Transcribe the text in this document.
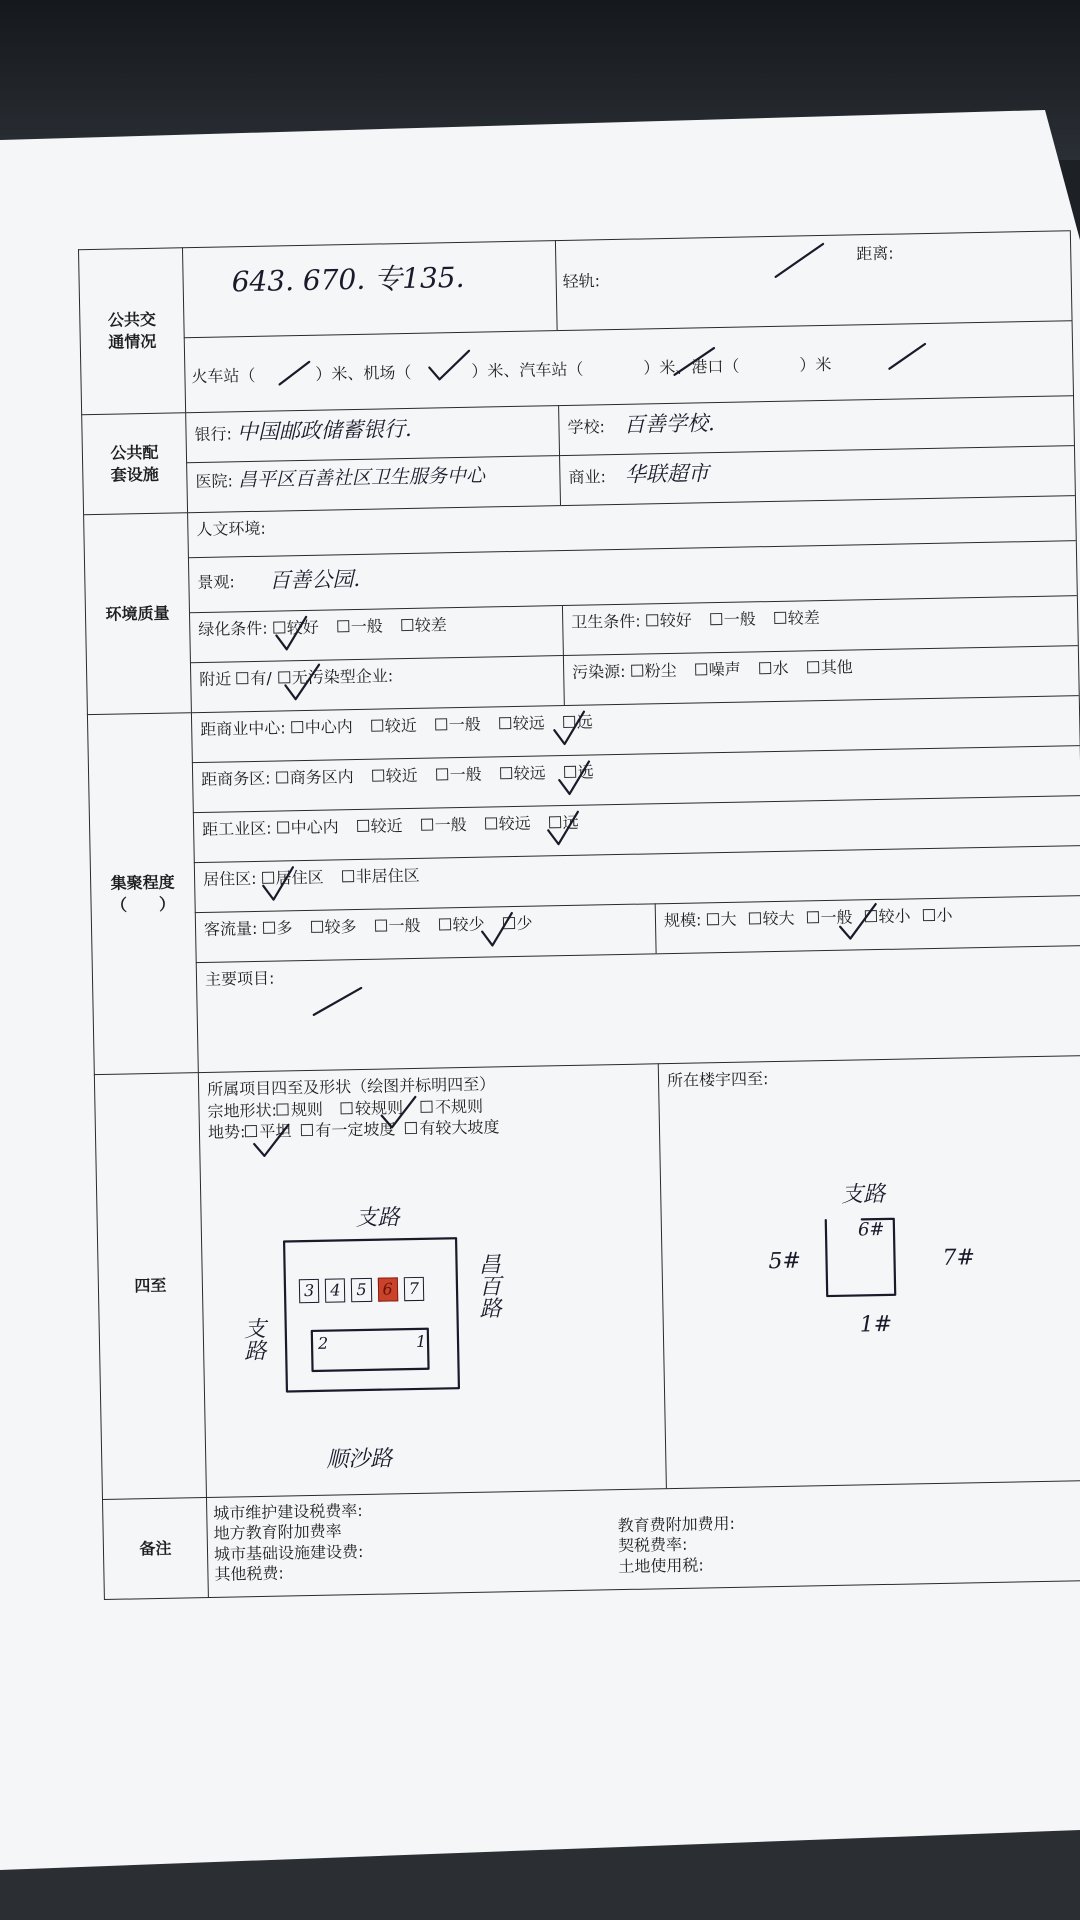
公共交通情况
643. 670. 专135.	轻轨:
距离:
火车站（	）米、机场（	）米、汽车站（	）米、港口（	）米
公共配套设施
银行: 中国邮政储蓄银行.	学校: 百善学校.
医院: 昌平区百善社区卫生服务中心	商业: 华联超市
环境质量
人文环境:
景观: 百善公园.
绿化条件: 较好 一般 较差	卫生条件: 较好 一般 较差
附近 有/ 无污染型企业:	污染源: 粉尘 噪声 水 其他
集聚程度
（　　）
距商业中心: 中心内 较近 一般 较远 远
距商务区: 商务区内 较近 一般 较远 远
距工业区: 中心内 较近 一般 较远 远
居住区: 居住区 非居住区
客流量: 多 较多 一般 较少 少	规模: 大 较大 一般 较小 小
主要项目:
四至
所属项目四至及形状（绘图并标明四至）
宗地形状: 规则 较规则 不规则
地势: 平坦 有一定坡度 有较大坡度
支路
支路
昌百路
顺沙路
3 4 5 6 7
2	1
所在楼宇四至:
支路
6#
5#	7#
1#
备注
城市维护建设税费率:
地方教育附加费率
城市基础设施建设费:
其他税费:
教育费附加费用:
契税费率:
土地使用税:
